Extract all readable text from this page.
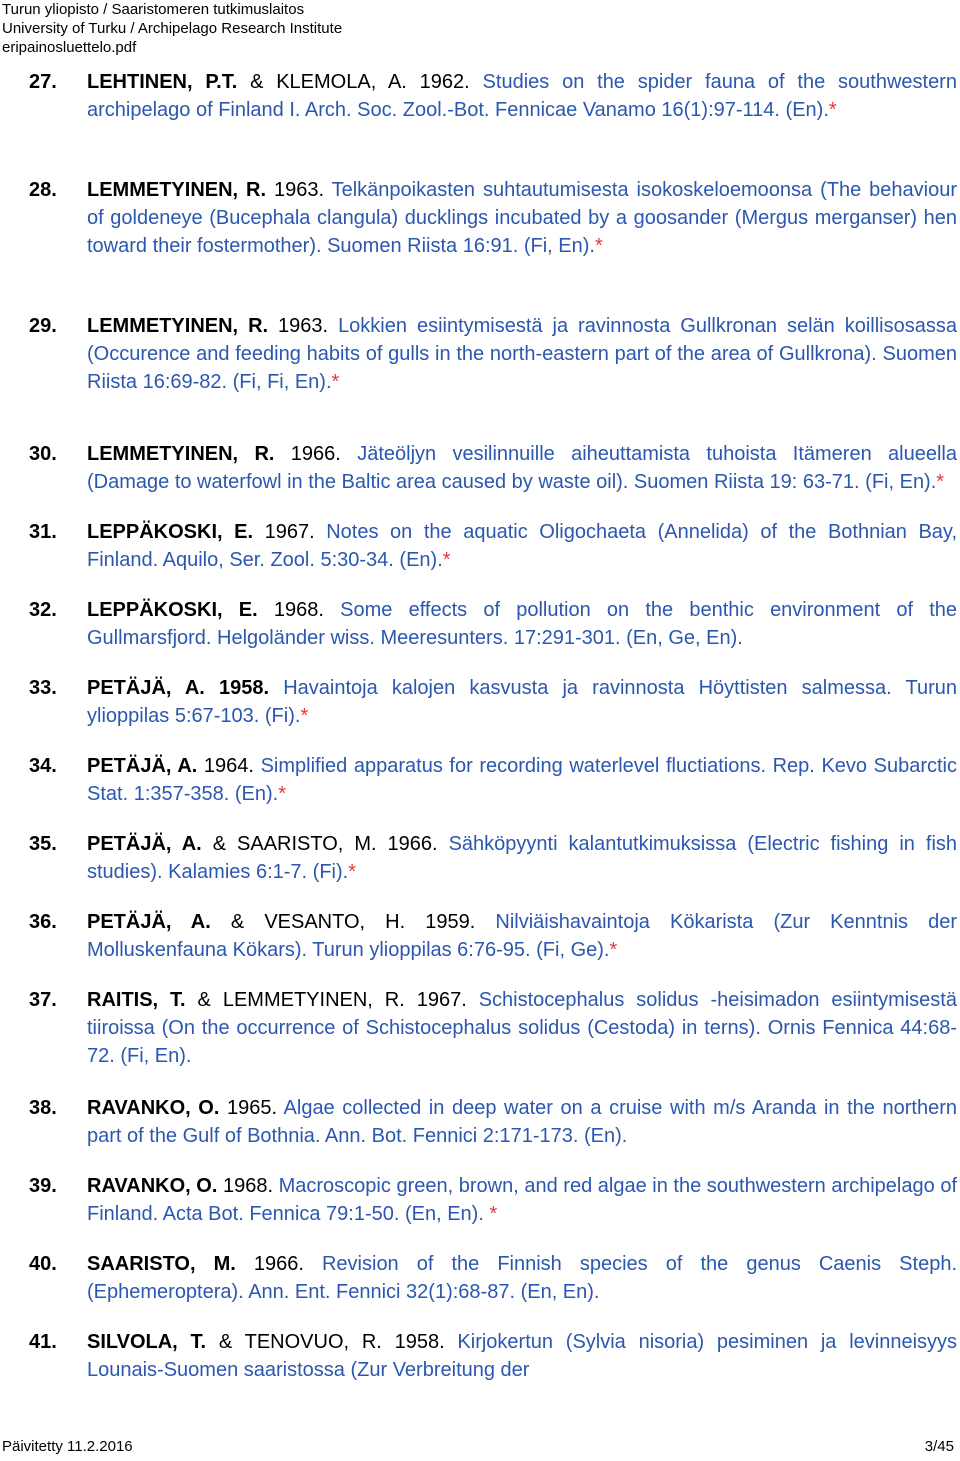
Turun yliopisto / Saaristomeren tutkimuslaitos
University of Turku / Archipelago Research Institute
eripainosluettelo.pdf
27. LEHTINEN, P.T. & KLEMOLA, A. 1962. Studies on the spider fauna of the southwestern archipelago of Finland I. Arch. Soc. Zool.-Bot. Fennicae Vanamo 16(1):97-114. (En).*
28. LEMMETYINEN, R. 1963. Telkänpoikasten suhtautumisesta isokoskeloemoonsa (The behaviour of goldeneye (Bucephala clangula) ducklings incubated by a goosander (Mergus merganser) hen toward their fostermother). Suomen Riista 16:91. (Fi, En).*
29. LEMMETYINEN, R. 1963. Lokkien esiintymisestä ja ravinnosta Gullkronan selän koillisosassa (Occurence and feeding habits of gulls in the north-eastern part of the area of Gullkrona). Suomen Riista 16:69-82. (Fi, Fi, En).*
30. LEMMETYINEN, R. 1966. Jäteöljyn vesilinnuille aiheuttamista tuhoista Itämeren alueella (Damage to waterfowl in the Baltic area caused by waste oil). Suomen Riista 19: 63-71. (Fi, En).*
31. LEPPÄKOSKI, E. 1967. Notes on the aquatic Oligochaeta (Annelida) of the Bothnian Bay, Finland. Aquilo, Ser. Zool. 5:30-34. (En).*
32. LEPPÄKOSKI, E. 1968. Some effects of pollution on the benthic environment of the Gullmarsfjord. Helgoländer wiss. Meeresunters. 17:291-301. (En, Ge, En).
33. PETÄJÄ, A. 1958. Havaintoja kalojen kasvusta ja ravinnosta Höyttisten salmessa. Turun ylioppilas 5:67-103. (Fi).*
34. PETÄJÄ, A. 1964. Simplified apparatus for recording waterlevel fluctiations. Rep. Kevo Subarctic Stat. 1:357-358. (En).*
35. PETÄJÄ, A. & SAARISTO, M. 1966. Sähköpyynti kalantutkimuksissa (Electric fishing in fish studies). Kalamies 6:1-7. (Fi).*
36. PETÄJÄ, A. & VESANTO, H. 1959. Nilviäishavaintoja Kökarista (Zur Kenntnis der Molluskenfauna Kökars). Turun ylioppilas 6:76-95. (Fi, Ge).*
37. RAITIS, T. & LEMMETYINEN, R. 1967. Schistocephalus solidus -heisimadon esiintymisestä tiiroissa (On the occurrence of Schistocephalus solidus (Cestoda) in terns). Ornis Fennica 44:68-72. (Fi, En).
38. RAVANKO, O. 1965. Algae collected in deep water on a cruise with m/s Aranda in the northern part of the Gulf of Bothnia. Ann. Bot. Fennici 2:171-173. (En).
39. RAVANKO, O. 1968. Macroscopic green, brown, and red algae in the southwestern archipelago of Finland. Acta Bot. Fennica 79:1-50. (En, En). *
40. SAARISTO, M. 1966. Revision of the Finnish species of the genus Caenis Steph. (Ephemeroptera). Ann. Ent. Fennici 32(1):68-87. (En, En).
41. SILVOLA, T. & TENOVUO, R. 1958. Kirjokertun (Sylvia nisoria) pesiminen ja levinneisyys Lounais-Suomen saaristossa (Zur Verbreitung der
Päivitetty 11.2.2016	3/45
